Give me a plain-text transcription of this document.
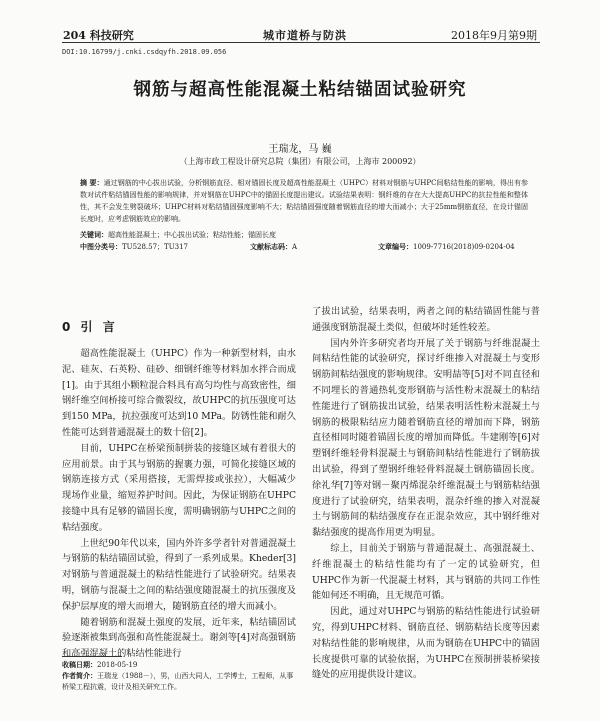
204 科技研究	城市道桥与防洪	2018年9月第9期
DOI:10.16799/j.cnki.csdqyfh.2018.09.056
钢筋与超高性能混凝土粘结锚固试验研究
王瑞龙，马 巍
（上海市政工程设计研究总院（集团）有限公司，上海市 200092）
摘 要：通过钢筋的中心拔出试验，分析钢筋直径、相对锚固长度及超高性能混凝土（UHPC）材料对钢筋与UHPC间粘结性能的影响，得出有参数对试件粘结锚固性能的影响规律，并对钢筋在UHPC中的锚固长度提出建议。试验结果表明：钢纤维的存在大大提高UHPC的抗拉性能和整体性，其不会发生劈裂破坏；UHPC材料对粘结锚固强度影响不大；粘结锚固强度随着钢筋直径的增大而减小；大于25mm钢筋直径，在设计锚固长度时，应考虑钢筋效应的影响。
关键词：超高性能混凝土；中心拔出试验；粘结性能；锚固长度
中图分类号：TU528.57；TU317	文献标志码：A	文章编号：1009-7716(2018)09-0204-04
0 引 言

超高性能混凝土（UHPC）作为一种新型材料，由水泥、硅灰、石英粉、硅砂、细钢纤维等材料加水拌合而成[1]。由于其组小颗粒混合料具有高匀均性与高致密性，细钢纤维空间桥接可综合微裂纹，故UHPC的抗压强度可达到150 MPa，抗拉强度可达到10 MPa。防锈性能和耐久性能可达到普通混凝土的数十倍[2]。

目前，UHPC在桥梁预制拼装的接缝区域有着很大的应用前景。由于其与钢筋的握裹力强，可简化接缝区域的钢筋连接方式（采用搭接，无需焊接或张拉），大幅减少现场作业量，缩短养护时间。因此，为保证钢筋在UHPC接缝中具有足够的锚固长度，需明确钢筋与UHPC之间的粘结强度。

上世纪90年代以来，国内外许多学者针对普通混凝土与钢筋的粘结锚固试验，得到了一系列成果。Kheder[3]对钢筋与普通混凝土的粘结性能进行了试验研究。结果表明，钢筋与混凝土之间的粘结强度随混凝土的抗压强度及保护层厚度的增大而增大，随钢筋直径的增大而减小。

随着钢筋和混凝土强度的发展，近年来，粘结锚固试验逐渐被集到高强和高性能混凝土。谢剑等[4]对高强钢筋和高强混凝土的粘结性能进行

了拔出试验，结果表明，两者之间的粘结锚固性能与普通强度钢筋混凝土类似，但破坏时延性较差。

国内外许多研究者均开展了关于钢筋与纤维混凝土间粘结性能的试验研究，探讨纤维掺入对混凝土与变形钢筋间粘结强度的影响规律。安明喆等[5]对不同直径和不同埋长的普通热轧变形钢筋与活性粉末混凝土的粘结性能进行了钢筋拔出试验，结果表明活性粉末混凝土与钢筋的极限粘结应力随着钢筋直径的增加而下降，钢筋直径相同时随着锚固长度的增加而降低。牛建刚等[6]对塑钢纤维轻骨料混凝土与钢筋间粘结性能进行了钢筋拔出试验，得到了塑钢纤维轻骨料混凝土钢筋锚固长度。徐礼华[7]等对钢－聚丙烯混杂纤维混凝土与钢筋粘结强度进行了试验研究，结果表明，混杂纤维的掺入对混凝土与钢筋间的粘结强度存在正混杂效应，其中钢纤维对黏结强度的提高作用更为明显。

综上，目前关于钢筋与普通混凝土、高强混凝土、纤维混凝土的粘结性能均有了一定的试验研究，但UHPC作为新一代混凝土材料，其与钢筋的共同工作性能如何还不明确，且无规范可循。

因此，通过对UHPC与钢筋的粘结性能进行试验研究，得到UHPC材料、钢筋直径、钢筋粘结长度等因素对粘结性能的影响规律，从而为钢筋在UHPC中的锚固长度提供可靠的试验依据，为UHPC在预制拼装桥梁接缝处的应用提供设计建议。

收稿日期：2018-05-19
作者简介：王瑞龙（1988－），男，山西大同人，工学博士，工程师，从事桥梁工程抗震，设计及相关研究工作。
